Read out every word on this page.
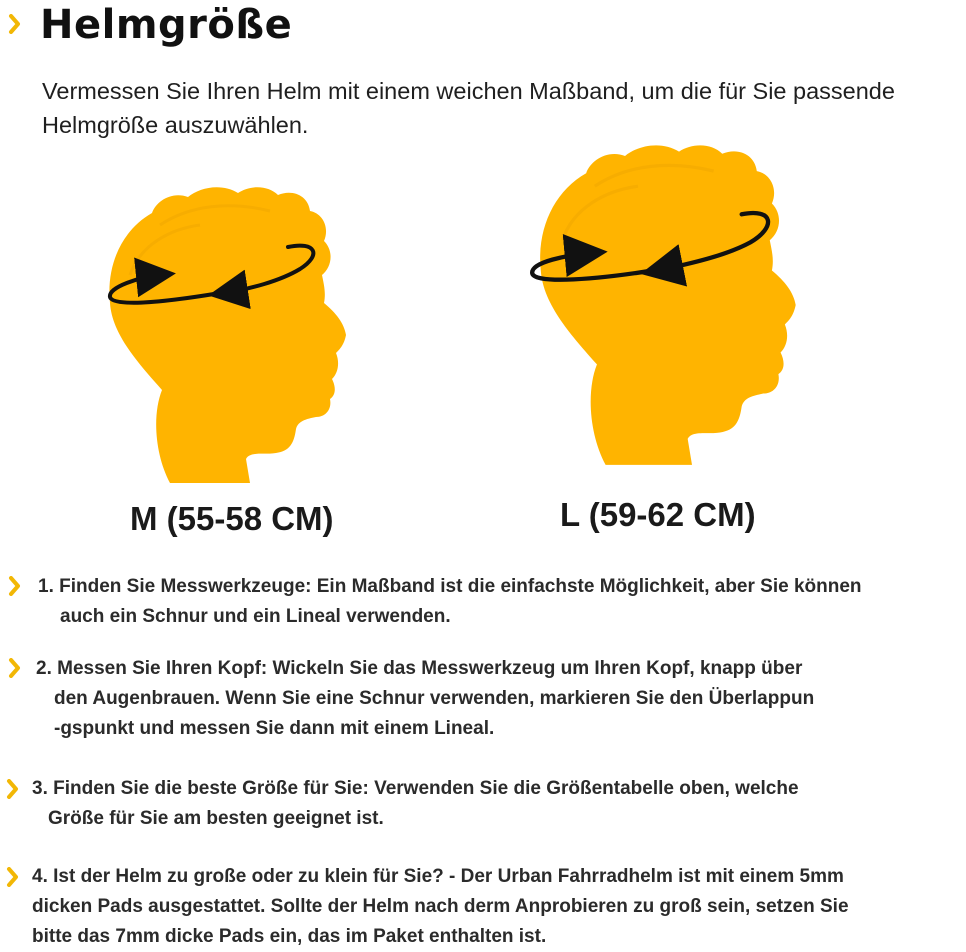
Helmgröße

Vermessen Sie Ihren Helm mit einem weichen Maßband, um die für Sie passende Helmgröße auszuwählen.

M (55-58 CM)	L (59-62 CM)
1. Finden Sie Messwerkzeuge: Ein Maßband ist die einfachste Möglichkeit, aber Sie können
auch ein Schnur und ein Lineal verwenden.
2. Messen Sie Ihren Kopf: Wickeln Sie das Messwerkzeug um Ihren Kopf, knapp über
den Augenbrauen. Wenn Sie eine Schnur verwenden, markieren Sie den Überlappun
-gspunkt und messen Sie dann mit einem Lineal.
3. Finden Sie die beste Größe für Sie: Verwenden Sie die Größentabelle oben, welche
Größe für Sie am besten geeignet ist.
4. Ist der Helm zu große oder zu klein für Sie? - Der Urban Fahrradhelm ist mit einem 5mm
dicken Pads ausgestattet. Sollte der Helm nach derm Anprobieren zu groß sein, setzen Sie
bitte das 7mm dicke Pads ein, das im Paket enthalten ist.
